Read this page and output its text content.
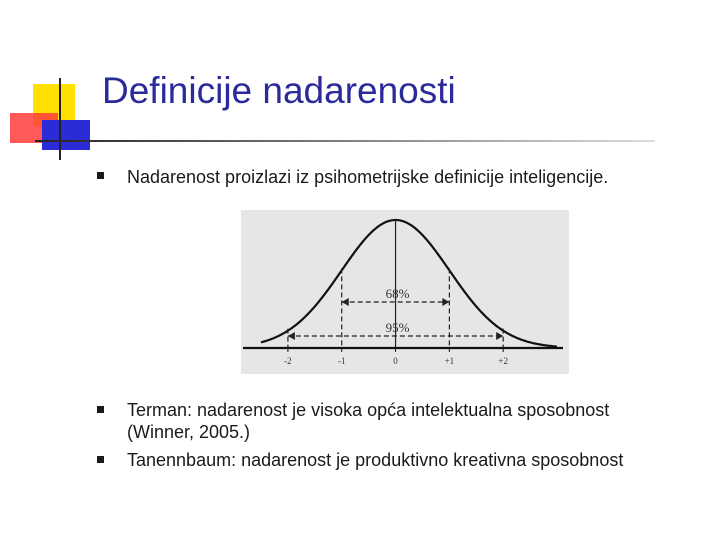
Definicije nadarenosti
Nadarenost proizlazi iz psihometrijske definicije inteligencije.
68%
95%
-2	-1	0	+1	+2
Terman: nadarenost je visoka opća intelektualna sposobnost
(Winner, 2005.)
Tanennbaum: nadarenost je produktivno kreativna sposobnost
